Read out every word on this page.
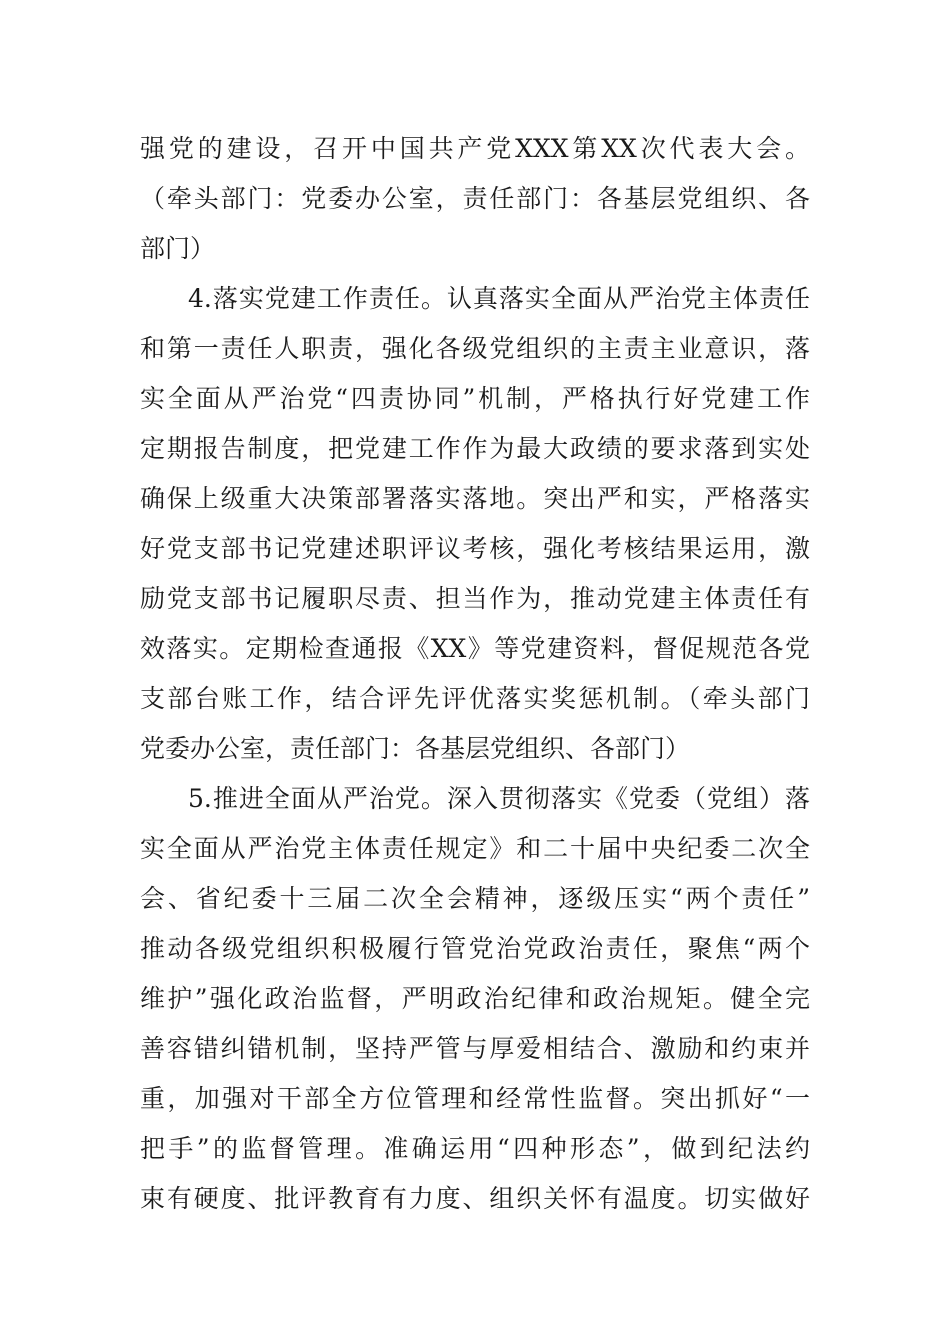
强党的建设，召开中国共产党XXX第XX次代表大会。
（牵头部门：党委办公室，责任部门：各基层党组织、各
部门）
4.落实党建工作责任。认真落实全面从严治党主体责任
和第一责任人职责，强化各级党组织的主责主业意识，落
实全面从严治党“四责协同”机制，严格执行好党建工作
定期报告制度，把党建工作作为最大政绩的要求落到实处
确保上级重大决策部署落实落地。突出严和实，严格落实
好党支部书记党建述职评议考核，强化考核结果运用，激
励党支部书记履职尽责、担当作为，推动党建主体责任有
效落实。定期检查通报《XX》等党建资料，督促规范各党
支部台账工作，结合评先评优落实奖惩机制。（牵头部门
党委办公室，责任部门：各基层党组织、各部门）
5.推进全面从严治党。深入贯彻落实《党委（党组）落
实全面从严治党主体责任规定》和二十届中央纪委二次全
会、省纪委十三届二次全会精神，逐级压实“两个责任”
推动各级党组织积极履行管党治党政治责任，聚焦“两个
维护”强化政治监督，严明政治纪律和政治规矩。健全完
善容错纠错机制，坚持严管与厚爱相结合、激励和约束并
重，加强对干部全方位管理和经常性监督。突出抓好“一
把手”的监督管理。准确运用“四种形态”，做到纪法约
束有硬度、批评教育有力度、组织关怀有温度。切实做好
